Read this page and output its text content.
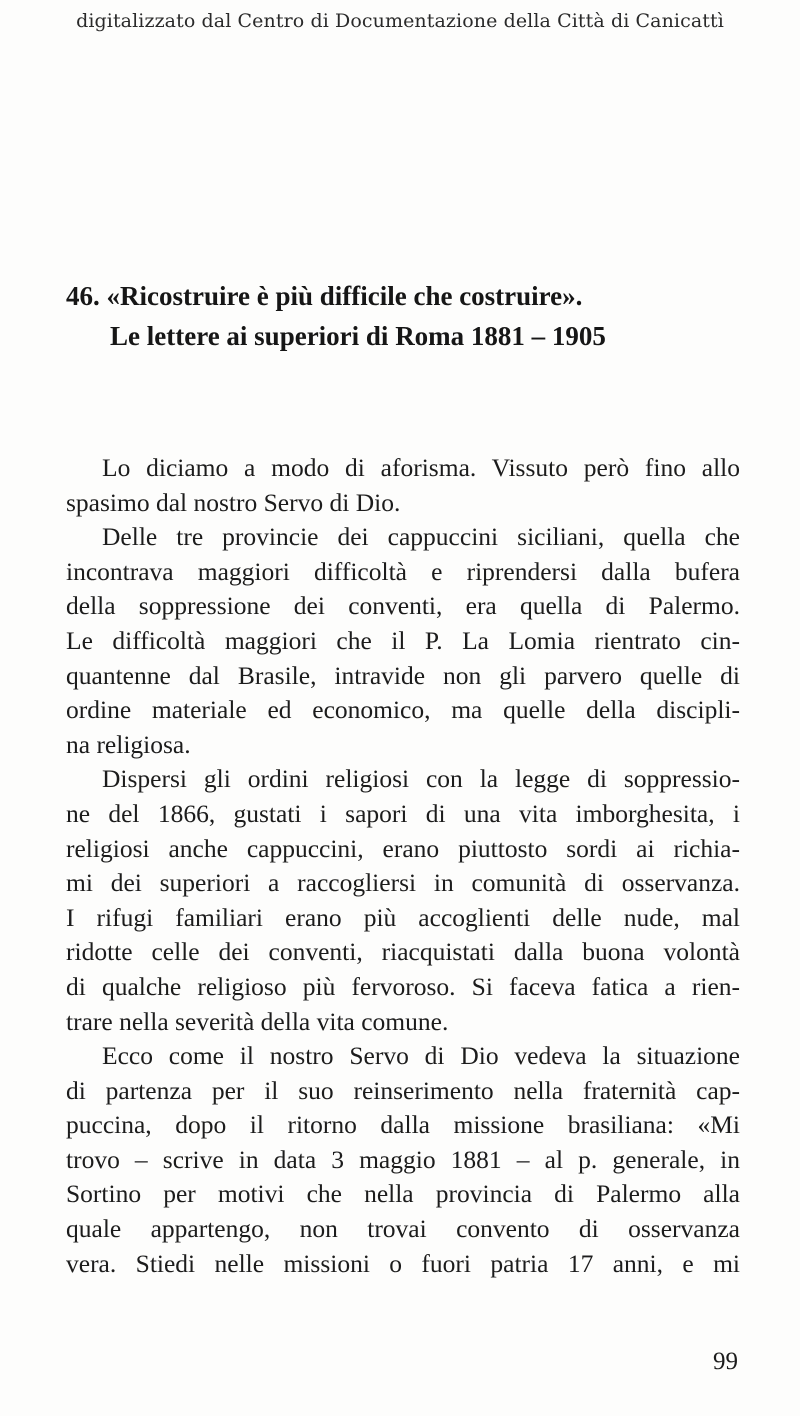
digitalizzato dal Centro di Documentazione della Città di Canicattì
46. «Ricostruire è più difficile che costruire».
Le lettere ai superiori di Roma 1881 – 1905

Lo diciamo a modo di aforisma. Vissuto però fino allo
spasimo dal nostro Servo di Dio.

Delle tre provincie dei cappuccini siciliani, quella che
incontrava maggiori difficoltà e riprendersi dalla bufera
della soppressione dei conventi, era quella di Palermo.
Le difficoltà maggiori che il P. La Lomia rientrato cin-
quantenne dal Brasile, intravide non gli parvero quelle di
ordine materiale ed economico, ma quelle della discipli-
na religiosa.

Dispersi gli ordini religiosi con la legge di soppressio-
ne del 1866, gustati i sapori di una vita imborghesita, i
religiosi anche cappuccini, erano piuttosto sordi ai richia-
mi dei superiori a raccogliersi in comunità di osservanza.
I rifugi familiari erano più accoglienti delle nude, mal
ridotte celle dei conventi, riacquistati dalla buona volontà
di qualche religioso più fervoroso. Si faceva fatica a rien-
trare nella severità della vita comune.

Ecco come il nostro Servo di Dio vedeva la situazione
di partenza per il suo reinserimento nella fraternità cap-
puccina, dopo il ritorno dalla missione brasiliana: «Mi
trovo – scrive in data 3 maggio 1881 – al p. generale, in
Sortino per motivi che nella provincia di Palermo alla
quale appartengo, non trovai convento di osservanza
vera. Stiedi nelle missioni o fuori patria 17 anni, e mi

99
